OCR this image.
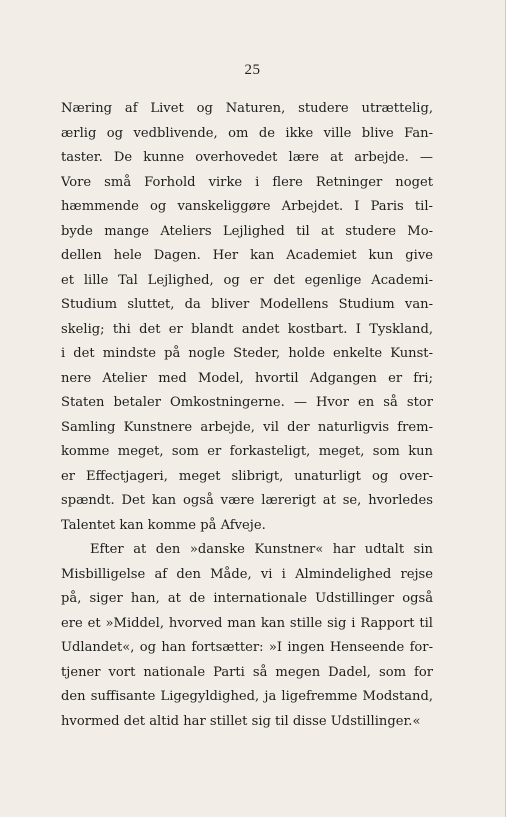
25
Næring af Livet og Naturen, studere utrættelig,
ærlig og vedblivende, om de ikke ville blive Fan-
taster. De kunne overhovedet lære at arbejde. —
Vore små Forhold virke i flere Retninger noget
hæmmende og vanskeliggøre Arbejdet. I Paris til-
byde mange Ateliers Lejlighed til at studere Mo-
dellen hele Dagen. Her kan Academiet kun give
et lille Tal Lejlighed, og er det egenlige Academi-
Studium sluttet, da bliver Modellens Studium van-
skelig; thi det er blandt andet kostbart. I Tyskland,
i det mindste på nogle Steder, holde enkelte Kunst-
nere Atelier med Model, hvortil Adgangen er fri;
Staten betaler Omkostningerne. — Hvor en så stor
Samling Kunstnere arbejde, vil der naturligvis frem-
komme meget, som er forkasteligt, meget, som kun
er Effectjageri, meget slibrigt, unaturligt og over-
spændt. Det kan også være lærerigt at se, hvorledes
Talentet kan komme på Afveje.
Efter at den »danske Kunstner« har udtalt sin
Misbilligelse af den Måde, vi i Almindelighed rejse
på, siger han, at de internationale Udstillinger også
ere et »Middel, hvorved man kan stille sig i Rapport til
Udlandet«, og han fortsætter: »I ingen Henseende for-
tjener vort nationale Parti så megen Dadel, som for
den suffisante Ligegyldighed, ja ligefremme Modstand,
hvormed det altid har stillet sig til disse Udstillinger.«
